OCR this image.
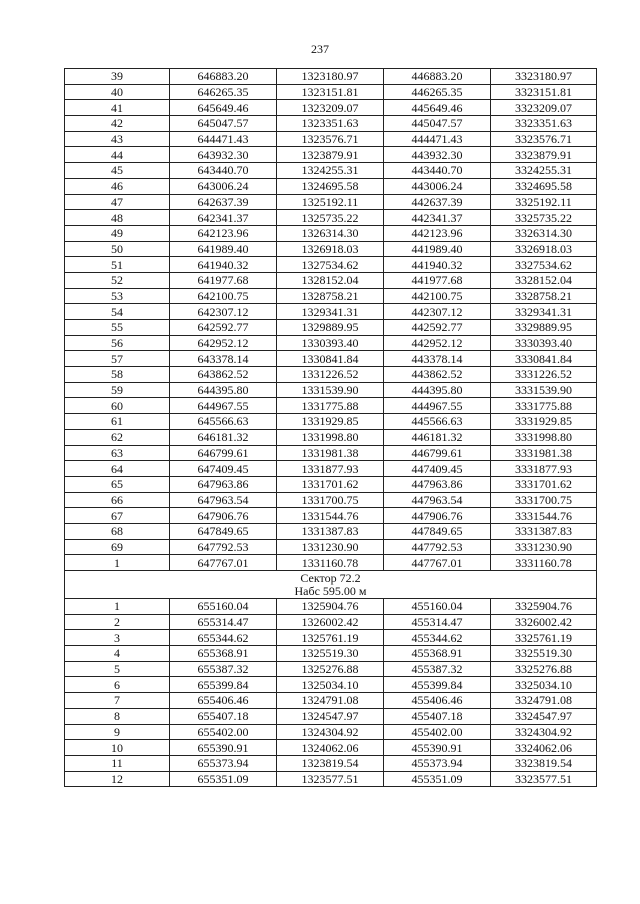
237
39	646883.20	1323180.97	446883.20	3323180.97
40	646265.35	1323151.81	446265.35	3323151.81
41	645649.46	1323209.07	445649.46	3323209.07
42	645047.57	1323351.63	445047.57	3323351.63
43	644471.43	1323576.71	444471.43	3323576.71
44	643932.30	1323879.91	443932.30	3323879.91
45	643440.70	1324255.31	443440.70	3324255.31
46	643006.24	1324695.58	443006.24	3324695.58
47	642637.39	1325192.11	442637.39	3325192.11
48	642341.37	1325735.22	442341.37	3325735.22
49	642123.96	1326314.30	442123.96	3326314.30
50	641989.40	1326918.03	441989.40	3326918.03
51	641940.32	1327534.62	441940.32	3327534.62
52	641977.68	1328152.04	441977.68	3328152.04
53	642100.75	1328758.21	442100.75	3328758.21
54	642307.12	1329341.31	442307.12	3329341.31
55	642592.77	1329889.95	442592.77	3329889.95
56	642952.12	1330393.40	442952.12	3330393.40
57	643378.14	1330841.84	443378.14	3330841.84
58	643862.52	1331226.52	443862.52	3331226.52
59	644395.80	1331539.90	444395.80	3331539.90
60	644967.55	1331775.88	444967.55	3331775.88
61	645566.63	1331929.85	445566.63	3331929.85
62	646181.32	1331998.80	446181.32	3331998.80
63	646799.61	1331981.38	446799.61	3331981.38
64	647409.45	1331877.93	447409.45	3331877.93
65	647963.86	1331701.62	447963.86	3331701.62
66	647963.54	1331700.75	447963.54	3331700.75
67	647906.76	1331544.76	447906.76	3331544.76
68	647849.65	1331387.83	447849.65	3331387.83
69	647792.53	1331230.90	447792.53	3331230.90
1	647767.01	1331160.78	447767.01	3331160.78

Сектор 72.2
Набс 595.00 м				

1	655160.04	1325904.76	455160.04	3325904.76
2	655314.47	1326002.42	455314.47	3326002.42
3	655344.62	1325761.19	455344.62	3325761.19
4	655368.91	1325519.30	455368.91	3325519.30
5	655387.32	1325276.88	455387.32	3325276.88
6	655399.84	1325034.10	455399.84	3325034.10
7	655406.46	1324791.08	455406.46	3324791.08
8	655407.18	1324547.97	455407.18	3324547.97
9	655402.00	1324304.92	455402.00	3324304.92
10	655390.91	1324062.06	455390.91	3324062.06
11	655373.94	1323819.54	455373.94	3323819.54
12	655351.09	1323577.51	455351.09	3323577.51
